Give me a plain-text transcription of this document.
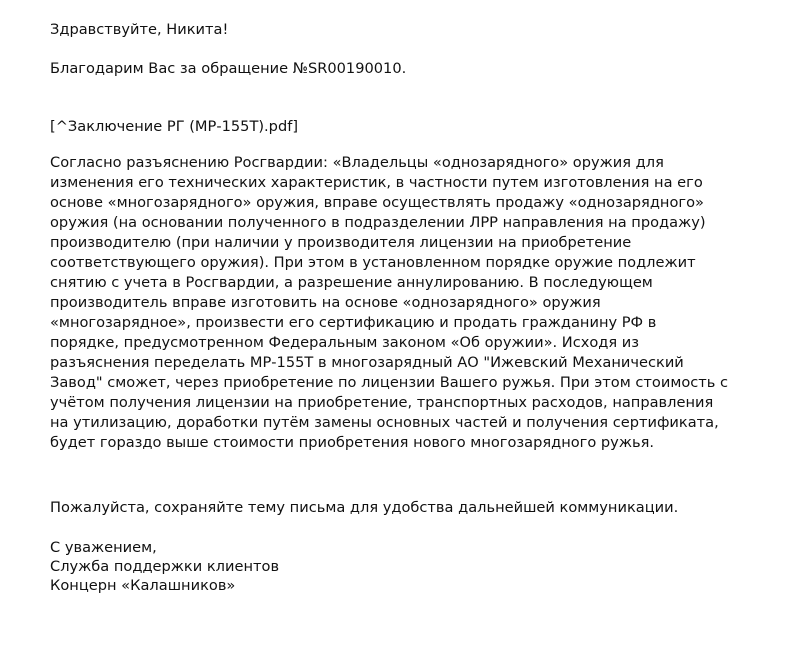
Здравствуйте, Никита!

Благодарим Вас за обращение №SR00190010.

[^Заключение РГ (МР-155Т).pdf]

Согласно разъяснению Росгвардии: «Владельцы «однозарядного» оружия для

изменения его технических характеристик, в частности путем изготовления на его

основе «многозарядного» оружия, вправе осуществлять продажу «однозарядного»

оружия (на основании полученного в подразделении ЛРР направления на продажу)

производителю (при наличии у производителя лицензии на приобретение

соответствующего оружия). При этом в установленном порядке оружие подлежит

снятию с учета в Росгвардии, а разрешение аннулированию. В последующем

производитель вправе изготовить на основе «однозарядного» оружия

«многозарядное», произвести его сертификацию и продать гражданину РФ в

порядке, предусмотренном Федеральным законом «Об оружии». Исходя из

разъяснения переделать МР-155Т в многозарядный АО "Ижевский Механический

Завод" сможет, через приобретение по лицензии Вашего ружья. При этом стоимость с

учётом получения лицензии на приобретение, транспортных расходов, направления

на утилизацию, доработки путём замены основных частей и получения сертификата,

будет гораздо выше стоимости приобретения нового многозарядного ружья.

Пожалуйста, сохраняйте тему письма для удобства дальнейшей коммуникации.

С уважением,

Служба поддержки клиентов

Концерн «Калашников»
